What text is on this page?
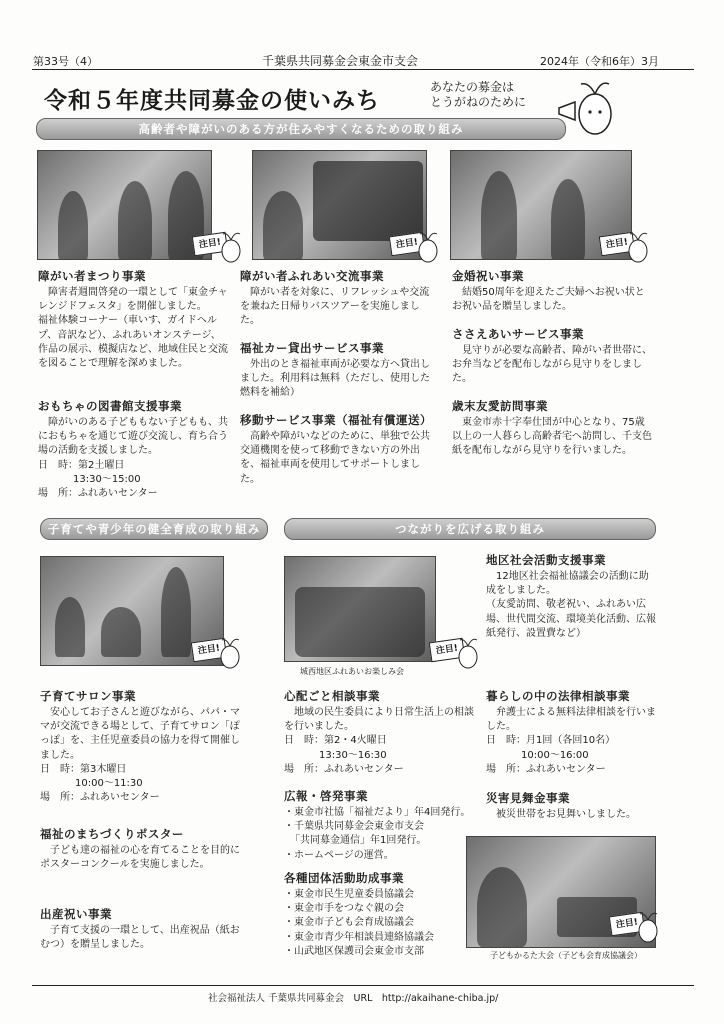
第33号（4）	千葉県共同募金会東金市支会	2024年（令和6年）3月
令和５年度共同募金の使いみち
あなたの募金は
とうがねのために
高齢者や障がいのある方が住みやすくなるための取り組み
注目!
障がい者まつり事業

障害者週間啓発の一環として「東金チャレンジドフェスタ」を開催しました。

福祉体験コーナー（車いす、ガイドヘルプ、音訳など）、ふれあいオンステージ、作品の展示、模擬店など、地域住民と交流を図ることで理解を深めました。

おもちゃの図書館支援事業

障がいのある子どももない子どもも、共におもちゃを通じて遊び交流し、育ち合う場の活動を支援しました。

日　時：第2土曜日

13:30～15:00

場　所：ふれあいセンター

注目!
障がい者ふれあい交流事業

障がい者を対象に、リフレッシュや交流を兼ねた日帰りバスツアーを実施しました。

福祉カー貸出サービス事業

外出のとき福祉車両が必要な方へ貸出しました。利用料は無料（ただし、使用した燃料を補給）

移動サービス事業（福祉有償運送）

高齢や障がいなどのために、単独で公共交通機関を使って移動できない方の外出を、福祉車両を使用してサポートしました。

注目!
金婚祝い事業

結婚50周年を迎えたご夫婦へお祝い状とお祝い品を贈呈しました。

ささえあいサービス事業

見守りが必要な高齢者、障がい者世帯に、お弁当などを配布しながら見守りをしました。

歳末友愛訪問事業

東金市赤十字奉仕団が中心となり、75歳以上の一人暮らし高齢者宅へ訪問し、千支色紙を配布しながら見守りを行いました。

子育てや青少年の健全育成の取り組み	つながりを広げる取り組み
注目!
子育てサロン事業

安心してお子さんと遊びながら、パパ・ママが交流できる場として、子育てサロン「ぽっぽ」を、主任児童委員の協力を得て開催しました。

日　時：第3木曜日

10:00～11:30

場　所：ふれあいセンター

福祉のまちづくりポスター

子ども達の福祉の心を育てることを目的にポスターコンクールを実施しました。

出産祝い事業

子育て支援の一環として、出産祝品（紙おむつ）を贈呈しました。

城西地区ふれあいお楽しみ会
注目!
心配ごと相談事業

地域の民生委員により日常生活上の相談を行いました。

日　時：第2・4火曜日

13:30～16:30

場　所：ふれあいセンター

広報・啓発事業
・東金市社協「福祉だより」年4回発行。
・千葉県共同募金会東金市支会
「共同募金通信」年1回発行。
・ホームページの運営。
各種団体活動助成事業
・東金市民生児童委員協議会
・東金市手をつなぐ親の会
・東金市子ども会育成協議会
・東金市青少年相談員連絡協議会
・山武地区保護司会東金市支部
地区社会活動支援事業

12地区社会福祉協議会の活動に助成をしました。

（友愛訪問、敬老祝い、ふれあい広場、世代間交流、環境美化活動、広報紙発行、設置費など）

暮らしの中の法律相談事業

弁護士による無料法律相談を行いました。

日　時：月1回（各回10名）

10:00～16:00

場　所：ふれあいセンター

災害見舞金事業

被災世帯をお見舞いしました。

注目!
子どもかるた大会（子ども会育成協議会）
社会福祉法人 千葉県共同募金会　URL　http://akaihane-chiba.jp/
